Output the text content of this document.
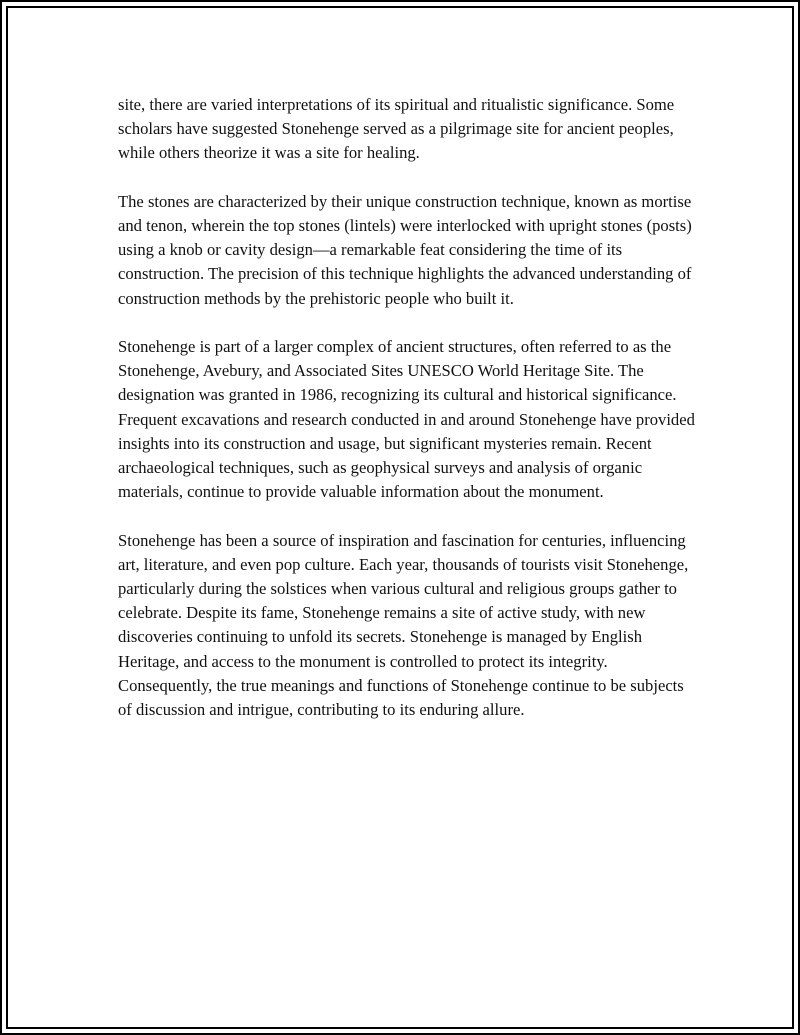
site, there are varied interpretations of its spiritual and ritualistic significance. Some scholars have suggested Stonehenge served as a pilgrimage site for ancient peoples, while others theorize it was a site for healing.

The stones are characterized by their unique construction technique, known as mortise and tenon, wherein the top stones (lintels) were interlocked with upright stones (posts) using a knob or cavity design—a remarkable feat considering the time of its construction. The precision of this technique highlights the advanced understanding of construction methods by the prehistoric people who built it.

Stonehenge is part of a larger complex of ancient structures, often referred to as the Stonehenge, Avebury, and Associated Sites UNESCO World Heritage Site. The designation was granted in 1986, recognizing its cultural and historical significance. Frequent excavations and research conducted in and around Stonehenge have provided insights into its construction and usage, but significant mysteries remain. Recent archaeological techniques, such as geophysical surveys and analysis of organic materials, continue to provide valuable information about the monument.

Stonehenge has been a source of inspiration and fascination for centuries, influencing art, literature, and even pop culture. Each year, thousands of tourists visit Stonehenge, particularly during the solstices when various cultural and religious groups gather to celebrate. Despite its fame, Stonehenge remains a site of active study, with new discoveries continuing to unfold its secrets. Stonehenge is managed by English Heritage, and access to the monument is controlled to protect its integrity. Consequently, the true meanings and functions of Stonehenge continue to be subjects of discussion and intrigue, contributing to its enduring allure.
